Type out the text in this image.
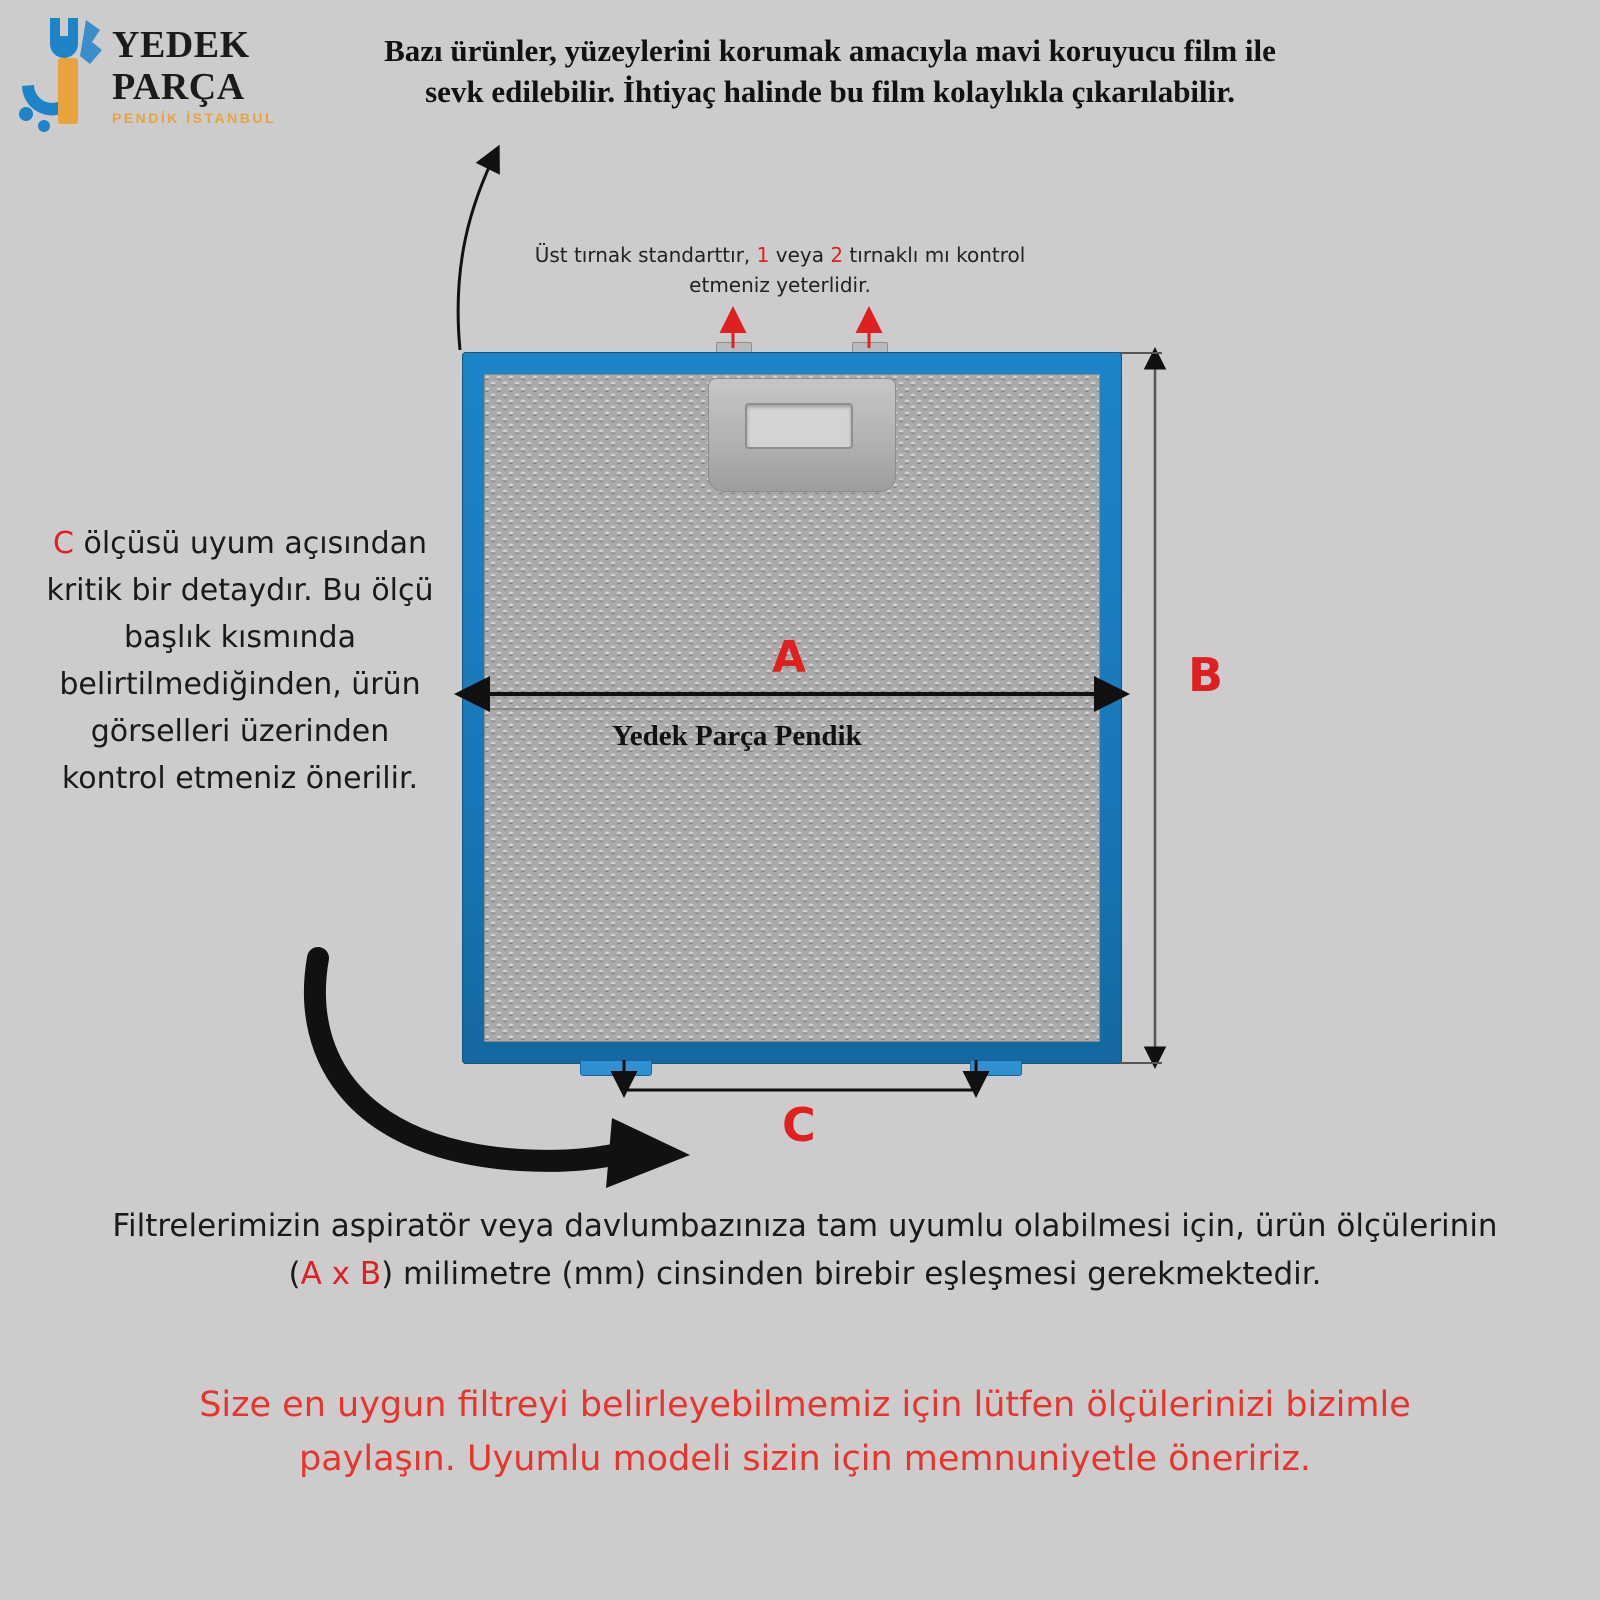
YEDEK
PARÇA
PENDİK İSTANBUL
Bazı ürünler, yüzeylerini korumak amacıyla mavi koruyucu film ile sevk edilebilir. İhtiyaç halinde bu film kolaylıkla çıkarılabilir.
Üst tırnak standarttır, 1 veya 2 tırnaklı mı kontrol etmeniz yeterlidir.
C ölçüsü uyum açısından kritik bir detaydır. Bu ölçü başlık kısmında belirtilmediğinden, ürün görselleri üzerinden kontrol etmeniz önerilir.
A	B
C
Yedek Parça Pendik
Filtrelerimizin aspiratör veya davlumbazınıza tam uyumlu olabilmesi için, ürün ölçülerinin (A x B) milimetre (mm) cinsinden birebir eşleşmesi gerekmektedir.
Size en uygun filtreyi belirleyebilmemiz için lütfen ölçülerinizi bizimle paylaşın. Uyumlu modeli sizin için memnuniyetle öneririz.
